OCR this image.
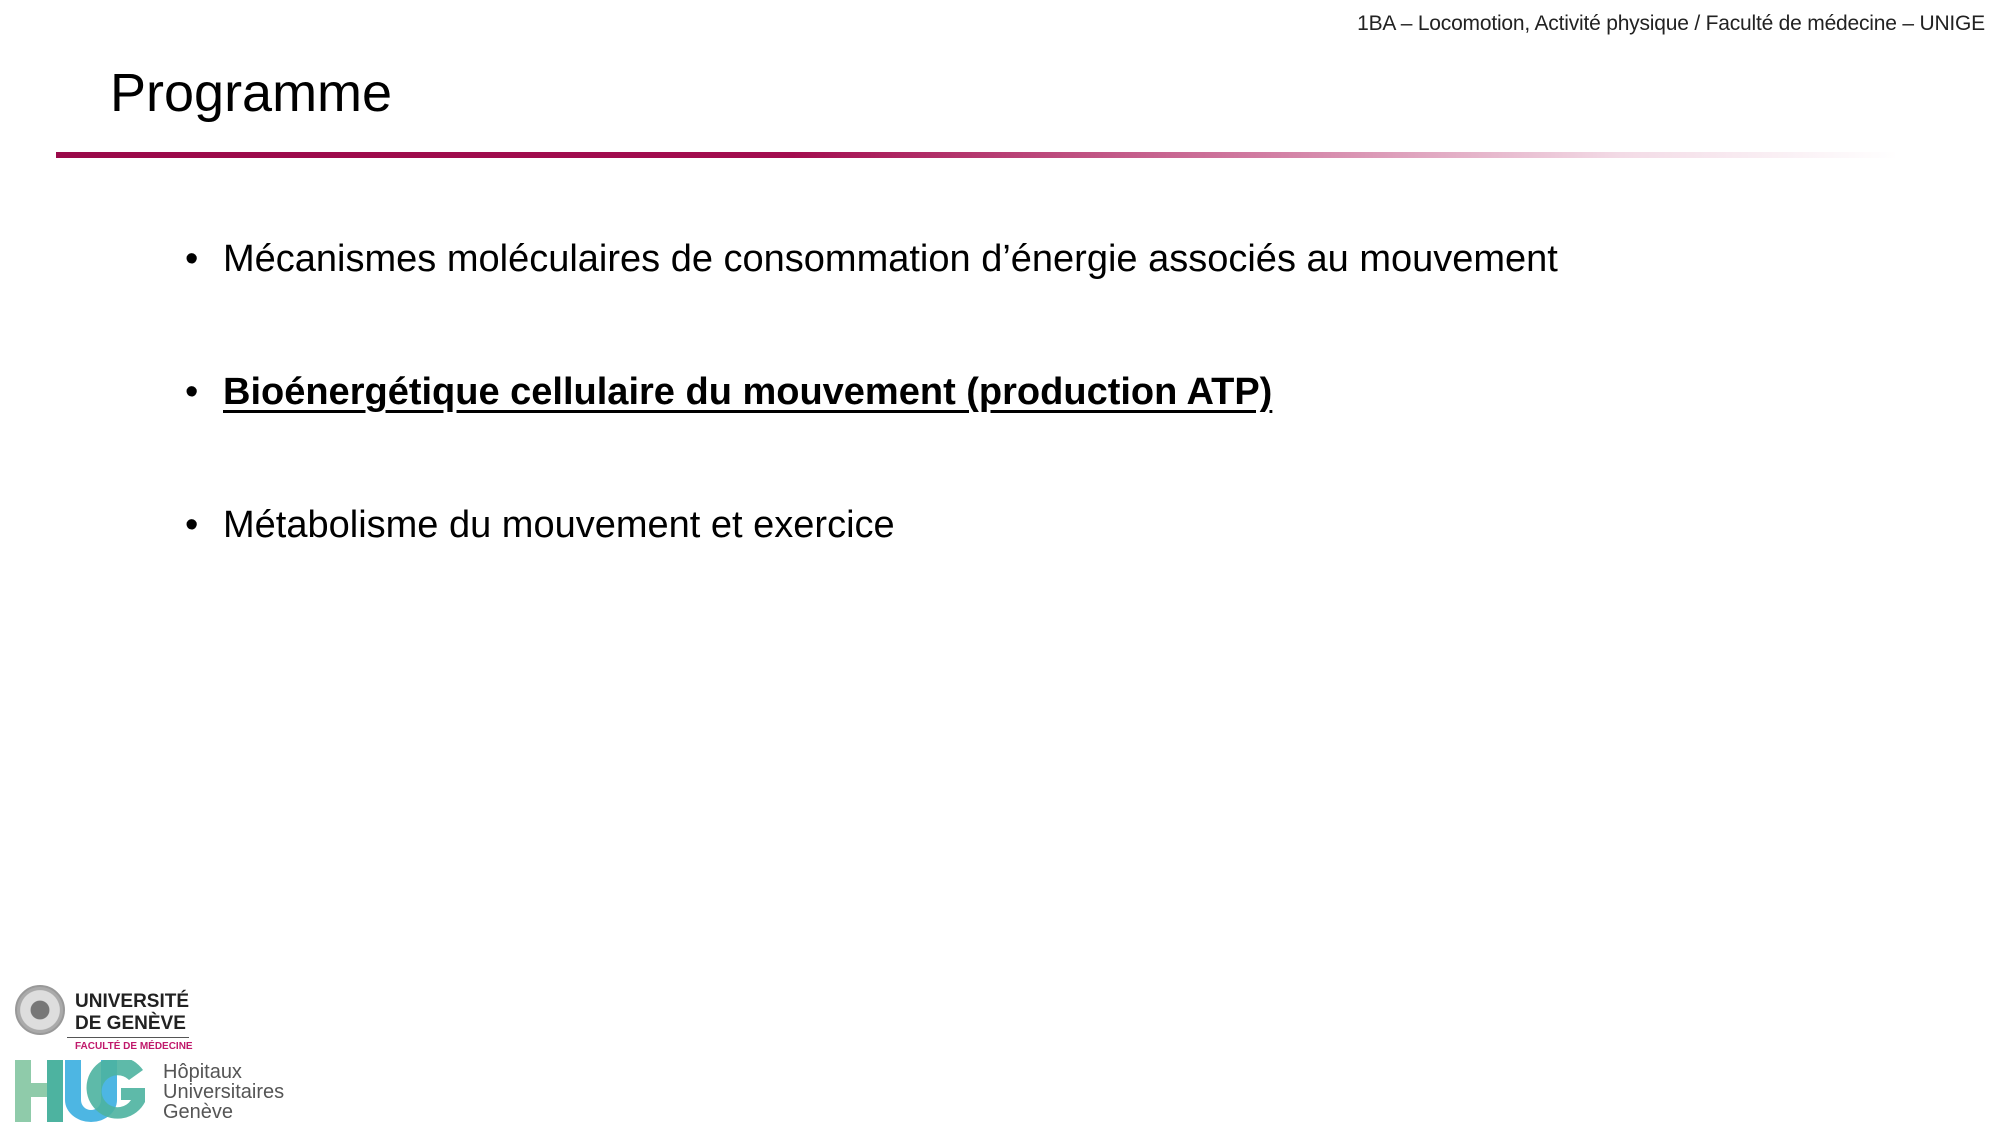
1BA – Locomotion, Activité physique / Faculté de médecine – UNIGE
Programme
• Mécanismes moléculaires de consommation d’énergie associés au mouvement
• Bioénergétique cellulaire du mouvement (production ATP)
• Métabolisme du mouvement et exercice
UNIVERSITÉ
DE GENÈVE
FACULTÉ DE MÉDECINE
Hôpitaux
Universitaires
Genève
